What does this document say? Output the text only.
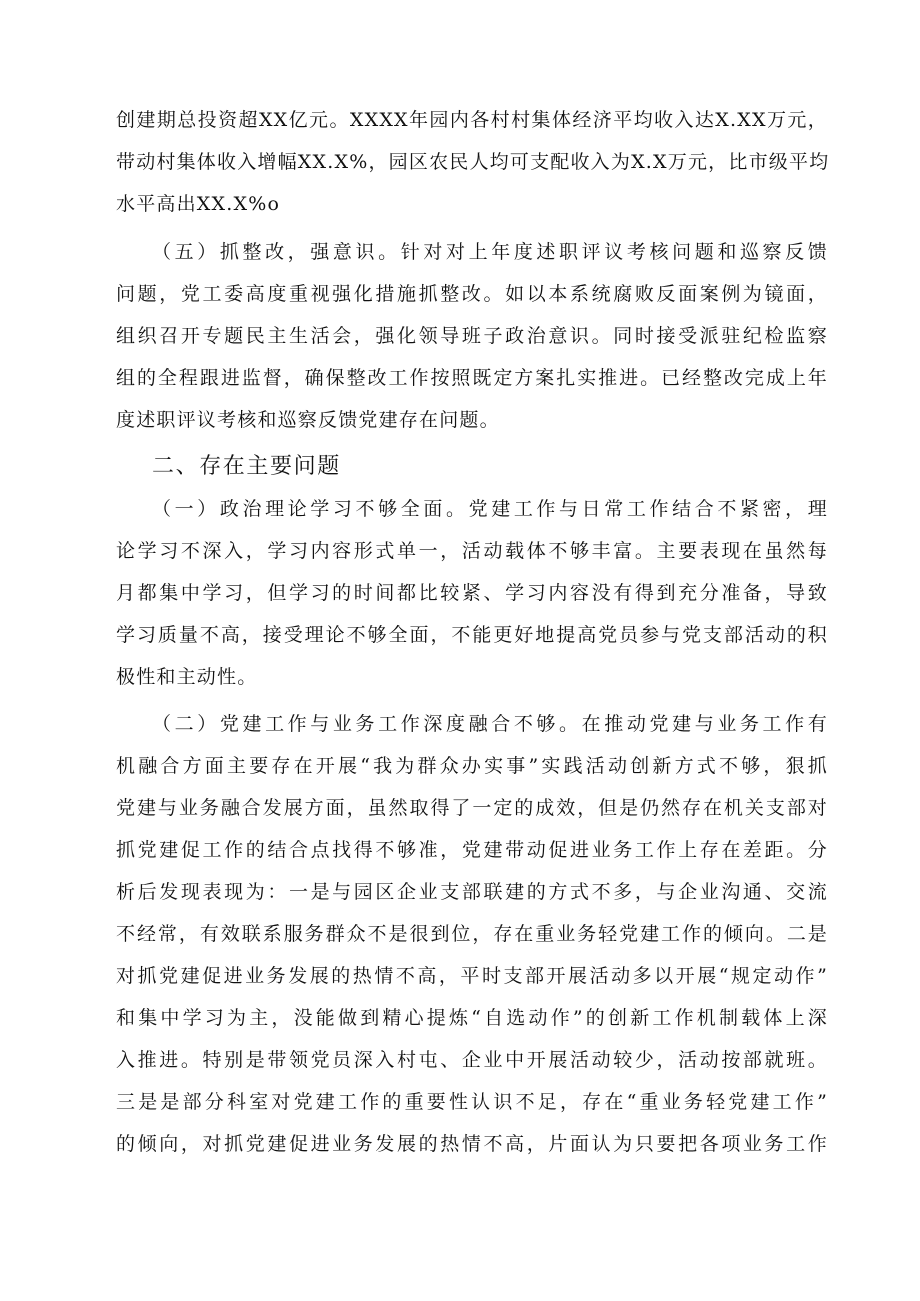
创建期总投资超XX亿元。XXXX年园内各村村集体经济平均收入达X.XX万元，
带动村集体收入增幅XX.X%，园区农民人均可支配收入为X.X万元，比市级平均
水平高出XX.X%o
（五）抓整改，强意识。针对对上年度述职评议考核问题和巡察反馈
问题，党工委高度重视强化措施抓整改。如以本系统腐败反面案例为镜面，
组织召开专题民主生活会，强化领导班子政治意识。同时接受派驻纪检监察
组的全程跟进监督，确保整改工作按照既定方案扎实推进。已经整改完成上年
度述职评议考核和巡察反馈党建存在问题。
二、存在主要问题
（一）政治理论学习不够全面。党建工作与日常工作结合不紧密，理
论学习不深入，学习内容形式单一，活动载体不够丰富。主要表现在虽然每
月都集中学习，但学习的时间都比较紧、学习内容没有得到充分准备，导致
学习质量不高，接受理论不够全面，不能更好地提高党员参与党支部活动的积
极性和主动性。
（二）党建工作与业务工作深度融合不够。在推动党建与业务工作有
机融合方面主要存在开展“我为群众办实事”实践活动创新方式不够，狠抓
党建与业务融合发展方面，虽然取得了一定的成效，但是仍然存在机关支部对
抓党建促工作的结合点找得不够准，党建带动促进业务工作上存在差距。分
析后发现表现为：一是与园区企业支部联建的方式不多，与企业沟通、交流
不经常，有效联系服务群众不是很到位，存在重业务轻党建工作的倾向。二是
对抓党建促进业务发展的热情不高，平时支部开展活动多以开展“规定动作”
和集中学习为主，没能做到精心提炼“自选动作”的创新工作机制载体上深
入推进。特别是带领党员深入村屯、企业中开展活动较少，活动按部就班。
三是是部分科室对党建工作的重要性认识不足，存在“重业务轻党建工作”
的倾向，对抓党建促进业务发展的热情不高，片面认为只要把各项业务工作
